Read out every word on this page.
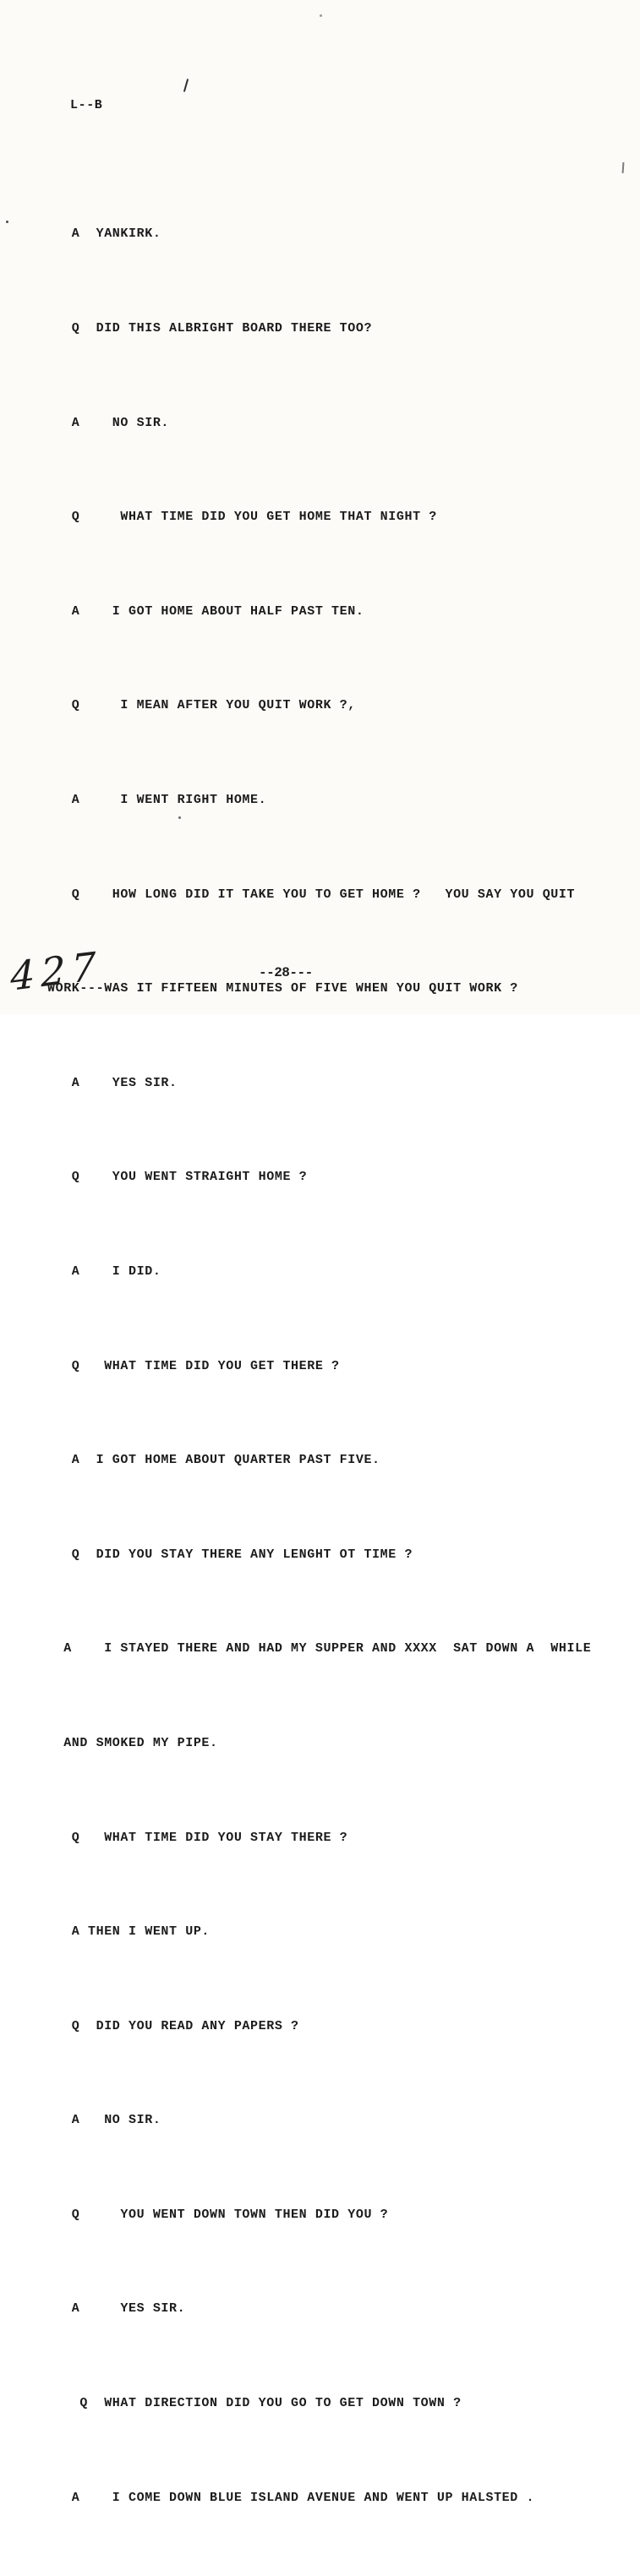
L--B

A  YANKIRK.

Q  DID THIS ALBRIGHT BOARD THERE TOO?

A    NO SIR.

Q     WHAT TIME DID YOU GET HOME THAT NIGHT ?

A    I GOT HOME ABOUT HALF PAST TEN.

Q     I MEAN AFTER YOU QUIT WORK ?,

A     I WENT RIGHT HOME.

Q    HOW LONG DID IT TAKE YOU TO GET HOME ?   YOU SAY YOU QUIT

WORK---WAS IT FIFTEEN MINUTES OF FIVE WHEN YOU QUIT WORK ?

A    YES SIR.

Q    YOU WENT STRAIGHT HOME ?

A    I DID.

Q   WHAT TIME DID YOU GET THERE ?

A  I GOT HOME ABOUT QUARTER PAST FIVE.

Q  DID YOU STAY THERE ANY LENGHT OT TIME ?

A    I STAYED THERE AND HAD MY SUPPER AND XXXX  SAT DOWN A  WHILE

AND SMOKED MY PIPE.

Q   WHAT TIME DID YOU STAY THERE ?

A THEN I WENT UP.

Q  DID YOU READ ANY PAPERS ?

A   NO SIR.

Q     YOU WENT DOWN TOWN THEN DID YOU ?

A     YES SIR.

Q  WHAT DIRECTION DID YOU GO TO GET DOWN TOWN ?

A    I COME DOWN BLUE ISLAND AVENUE AND WENT UP HALSTED .

427	--28---
